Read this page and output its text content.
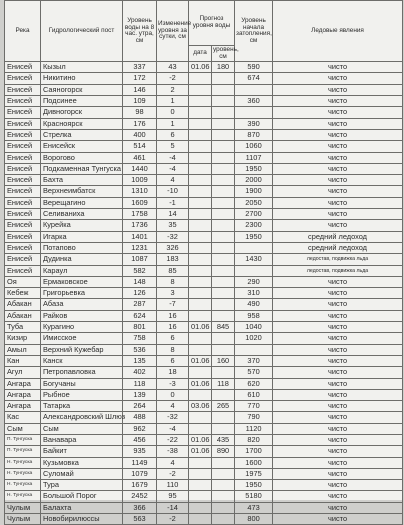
Река	Гидрологический пост	Уровень воды на 8 час. утра, см	Изменение уровня за сутки, см	Прогноз уровня воды		Уровень начала затопления, см	Ледовые явления
				дата	уровень, см		
Енисей	Кызыл	337	43	01.06	180	590	чисто
Енисей	Никитино	172	-2			674	чисто
Енисей	Саяногорск	146	2				чисто
Енисей	Подсинее	109	1			360	чисто
Енисей	Дивногорск	98	0				чисто
Енисей	Красноярск	176	1			390	чисто
Енисей	Стрелка	400	6			870	чисто
Енисей	Енисейск	514	5			1060	чисто
Енисей	Ворогово	461	-4			1107	чисто
Енисей	Подкаменная Тунгуска	1440	-4			1950	чисто
Енисей	Бахта	1009	4			2000	чисто
Енисей	Верхнеимбатск	1310	-10			1900	чисто
Енисей	Верещагино	1609	-1			2050	чисто
Енисей	Селиваниха	1758	14			2700	чисто
Енисей	Курейка	1736	35			2300	чисто
Енисей	Игарка	1401	-32			1950	средний ледоход
Енисей	Потапово	1231	326				средний ледоход
Енисей	Дудинка	1087	183			1430	ледостав, подвижка льда
Енисей	Караул	582	85				ледостав, подвижка льда
Оя	Ермаковское	148	8			290	чисто
Кебеж	Григорьевка	126	3			310	чисто
Абакан	Абаза	287	-7			490	чисто
Абакан	Райков	624	16			958	чисто
Туба	Курагино	801	16	01.06	845	1040	чисто
Кизир	Имисское	758	6			1020	чисто
Амыл	Верхний Кужебар	536	8				чисто
Кан	Канск	135	6	01.06	160	370	чисто
Агул	Петропавловка	402	18			570	чисто
Ангара	Богучаны	118	-3	01.06	118	620	чисто
Ангара	Рыбное	139	0			610	чисто
Ангара	Татарка	264	4	03.06	265	770	чисто
Кас	Александровский Шлюз	488	-32			790	чисто
Сым	Сым	962	-4			1120	чисто
П. Тунгуска	Ванавара	456	-22	01.06	435	820	чисто
П. Тунгуска	Байкит	935	-38	01.06	890	1700	чисто
Н. Тунгуска	Кузьмовка	1149	4			1600	чисто
Н. Тунгуска	Суломай	1079	-2			1975	чисто
Н. Тунгуска	Тура	1679	110			1950	чисто
Н. Тунгуска	Большой Порог	2452	95			5180	чисто
Чулым	Балахта	366	-14			473	чисто
Чулым	Новобирилюссы	563	-2			800	чисто
